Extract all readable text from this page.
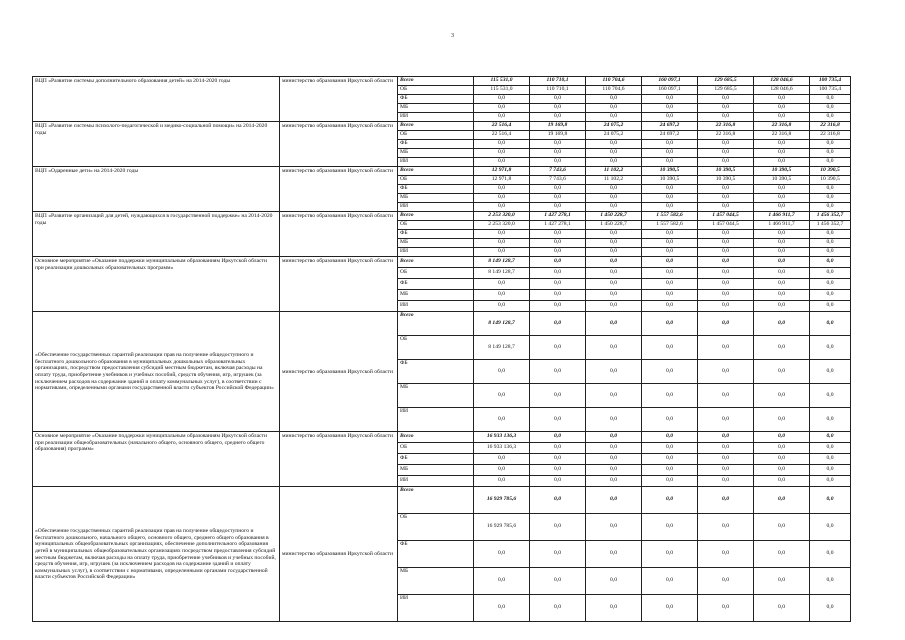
3
ВЦП «Развитие системы дополнительного образования детей» на 2014-2020 годы	министерство образования Иркутской области	Всего	115 531,0	110 710,1	110 704,6	160 097,1	129 685,5	128 046,6	100 735,4
		ОБ	115 531,0	110 710,1	110 704,6	160 097,1	129 685,5	128 046,6	100 735,4
		ФБ	0,0	0,0	0,0	0,0	0,0	0,0	0,0
		МБ	0,0	0,0	0,0	0,0	0,0	0,0	0,0
		ИИ	0,0	0,0	0,0	0,0	0,0	0,0	0,0
ВЦП «Развитие системы психолого-педагогической и медико-социальной помощи» на 2014-2020 годы	министерство образования Иркутской области	Всего	22 516,4	19 169,8	24 075,2	24 697,2	22 316,8	22 316,8	22 316,8
		ОБ	22 516,4	19 169,8	24 075,2	24 697,2	22 316,8	22 316,8	22 316,8
		ФБ	0,0	0,0	0,0	0,0	0,0	0,0	0,0
		МБ	0,0	0,0	0,0	0,0	0,0	0,0	0,0
		ИИ	0,0	0,0	0,0	0,0	0,0	0,0	0,0
ВЦП «Одаренные дети» на 2014-2020 годы	министерство образования Иркутской области	Всего	12 971,8	7 743,6	11 102,2	10 390,5	10 390,5	10 390,5	10 390,5
		ОБ	12 971,8	7 743,6	11 102,2	10 390,5	10 390,5	10 390,5	10 390,5
		ФБ	0,0	0,0	0,0	0,0	0,0	0,0	0,0
		МБ	0,0	0,0	0,0	0,0	0,0	0,0	0,0
		ИИ	0,0	0,0	0,0	0,0	0,0	0,0	0,0
ВЦП «Развитие организаций для детей, нуждающихся в государственной поддержке» на 2014-2020 годы	министерство образования Иркутской области	Всего	2 253 320,0	1 427 278,1	1 450 228,7	1 557 582,6	1 457 044,5	1 466 911,7	1 456 352,7
		ОБ	2 253 320,0	1 427 278,1	1 450 228,7	1 557 582,6	1 457 044,5	1 466 911,7	1 456 352,7
		ФБ	0,0	0,0	0,0	0,0	0,0	0,0	0,0
		МБ	0,0	0,0	0,0	0,0	0,0	0,0	0,0
		ИИ	0,0	0,0	0,0	0,0	0,0	0,0	0,0
Основное мероприятие «Оказание поддержки муниципальным образованиям Иркутской области при реализации дошкольных образовательных программ»	министерство образования Иркутской области	Всего	8 149 128,7	0,0	0,0	0,0	0,0	0,0	0,0
		ОБ	8 149 128,7	0,0	0,0	0,0	0,0	0,0	0,0
		ФБ	0,0	0,0	0,0	0,0	0,0	0,0	0,0
		МБ	0,0	0,0	0,0	0,0	0,0	0,0	0,0
		ИИ	0,0	0,0	0,0	0,0	0,0	0,0	0,0
«Обеспечение государственных гарантий реализации прав на получение общедоступного и бесплатного дошкольного образования в муниципальных дошкольных образовательных организациях, посредством предоставления субсидий местным бюджетам, включая расходы на оплату труда, приобретение учебников и учебных пособий, средств обучения, игр, игрушек (за исключением расходов на содержание зданий и оплату коммунальных услуг), в соответствии с нормативами, определенными органами государственной власти субъектов Российской Федерации»	министерство образования Иркутской области	Всего	8 149 128,7	0,0	0,0	0,0	0,0	0,0	0,0
		ОБ	8 149 128,7	0,0	0,0	0,0	0,0	0,0	0,0
		ФБ	0,0	0,0	0,0	0,0	0,0	0,0	0,0
		МБ	0,0	0,0	0,0	0,0	0,0	0,0	0,0
		ИИ	0,0	0,0	0,0	0,0	0,0	0,0	0,0
Основное мероприятие «Оказание поддержки муниципальным образованиям Иркутской области при реализации общеобразовательных (начального общего, основного общего, среднего общего образования) программ»	министерство образования Иркутской области	Всего	16 933 136,3	0,0	0,0	0,0	0,0	0,0	0,0
		ОБ	16 933 136,3	0,0	0,0	0,0	0,0	0,0	0,0
		ФБ	0,0	0,0	0,0	0,0	0,0	0,0	0,0
		МБ	0,0	0,0	0,0	0,0	0,0	0,0	0,0
		ИИ	0,0	0,0	0,0	0,0	0,0	0,0	0,0
«Обеспечение государственных гарантий реализации прав на получение общедоступного и бесплатного дошкольного, начального общего, основного общего, среднего общего образования в муниципальных общеобразовательных организациях, обеспечение дополнительного образования детей в муниципальных общеобразовательных организациях посредством предоставления субсидий местным бюджетам, включая расходы на оплату труда, приобретение учебников и учебных пособий, средств обучения, игр, игрушек (за исключением расходов на содержание зданий и оплату коммунальных услуг), в соответствии с нормативами, определенными органами государственной власти субъектов Российской Федерации»	министерство образования Иркутской области	Всего	16 929 785,6	0,0	0,0	0,0	0,0	0,0	0,0
		ОБ	16 929 785,6	0,0	0,0	0,0	0,0	0,0	0,0
		ФБ	0,0	0,0	0,0	0,0	0,0	0,0	0,0
		МБ	0,0	0,0	0,0	0,0	0,0	0,0	0,0
		ИИ	0,0	0,0	0,0	0,0	0,0	0,0	0,0
